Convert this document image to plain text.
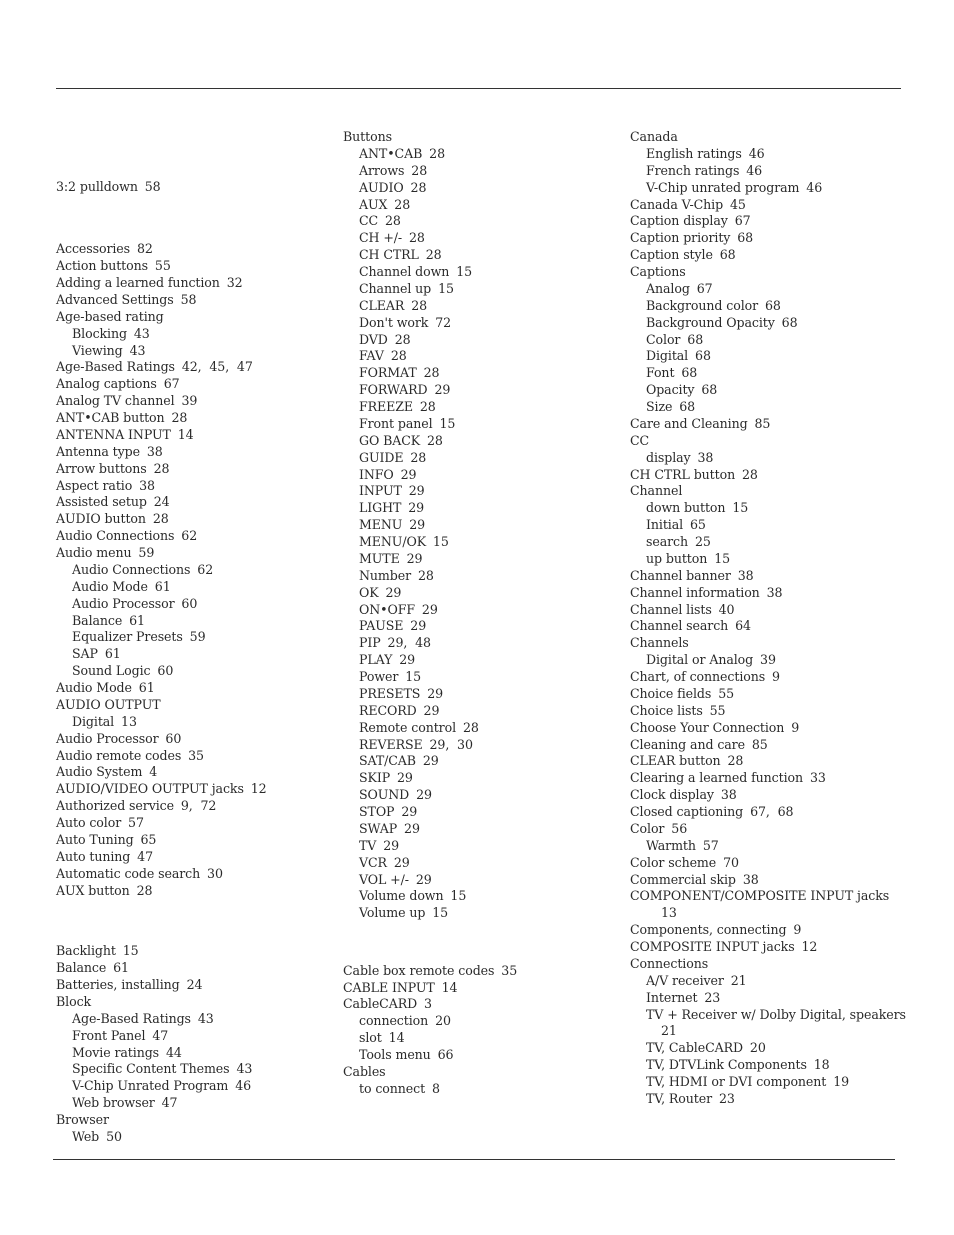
3:2 pulldown 58
Accessories 82
Action buttons 55
Adding a learned function 32
Advanced Settings 58
Age-based rating
Blocking 43
Viewing 43
Age-Based Ratings 42,  45,  47
Analog captions 67
Analog TV channel 39
ANT•CAB button 28
ANTENNA INPUT 14
Antenna type 38
Arrow buttons 28
Aspect ratio 38
Assisted setup 24
AUDIO button 28
Audio Connections 62
Audio menu 59
Audio Connections 62
Audio Mode 61
Audio Processor 60
Balance 61
Equalizer Presets 59
SAP 61
Sound Logic 60
Audio Mode 61
AUDIO OUTPUT
Digital 13
Audio Processor 60
Audio remote codes 35
Audio System 4
AUDIO/VIDEO OUTPUT jacks 12
Authorized service 9,  72
Auto color 57
Auto Tuning 65
Auto tuning 47
Automatic code search 30
AUX button 28
Backlight 15
Balance 61
Batteries, installing 24
Block
Age-Based Ratings 43
Front Panel 47
Movie ratings 44
Specific Content Themes 43
V-Chip Unrated Program 46
Web browser 47
Browser
Web 50
Buttons
ANT•CAB 28
Arrows 28
AUDIO 28
AUX 28
CC 28
CH +/- 28
CH CTRL 28
Channel down 15
Channel up 15
CLEAR 28
Don't work 72
DVD 28
FAV 28
FORMAT 28
FORWARD 29
FREEZE 28
Front panel 15
GO BACK 28
GUIDE 28
INFO 29
INPUT 29
LIGHT 29
MENU 29
MENU/OK 15
MUTE 29
Number 28
OK 29
ON•OFF 29
PAUSE 29
PIP 29,  48
PLAY 29
Power 15
PRESETS 29
RECORD 29
Remote control 28
REVERSE 29,  30
SAT/CAB 29
SKIP 29
SOUND 29
STOP 29
SWAP 29
TV 29
VCR 29
VOL +/- 29
Volume down 15
Volume up 15
Cable box remote codes 35
CABLE INPUT 14
CableCARD 3
connection 20
slot 14
Tools menu 66
Cables
to connect 8
Canada
English ratings 46
French ratings 46
V-Chip unrated program 46
Canada V-Chip 45
Caption display 67
Caption priority 68
Caption style 68
Captions
Analog 67
Background color 68
Background Opacity 68
Color 68
Digital 68
Font 68
Opacity 68
Size 68
Care and Cleaning 85
CC
display 38
CH CTRL button 28
Channel
down button 15
Initial 65
search 25
up button 15
Channel banner 38
Channel information 38
Channel lists 40
Channel search 64
Channels
Digital or Analog 39
Chart, of connections 9
Choice fields 55
Choice lists 55
Choose Your Connection 9
Cleaning and care 85
CLEAR button 28
Clearing a learned function 33
Clock display 38
Closed captioning 67,  68
Color 56
Warmth 57
Color scheme 70
Commercial skip 38
COMPONENT/COMPOSITE INPUT jacks
13
Components, connecting 9
COMPOSITE INPUT jacks 12
Connections
A/V receiver 21
Internet 23
TV + Receiver w/ Dolby Digital, speakers
21
TV, CableCARD 20
TV, DTVLink Components 18
TV, HDMI or DVI component 19
TV, Router 23
